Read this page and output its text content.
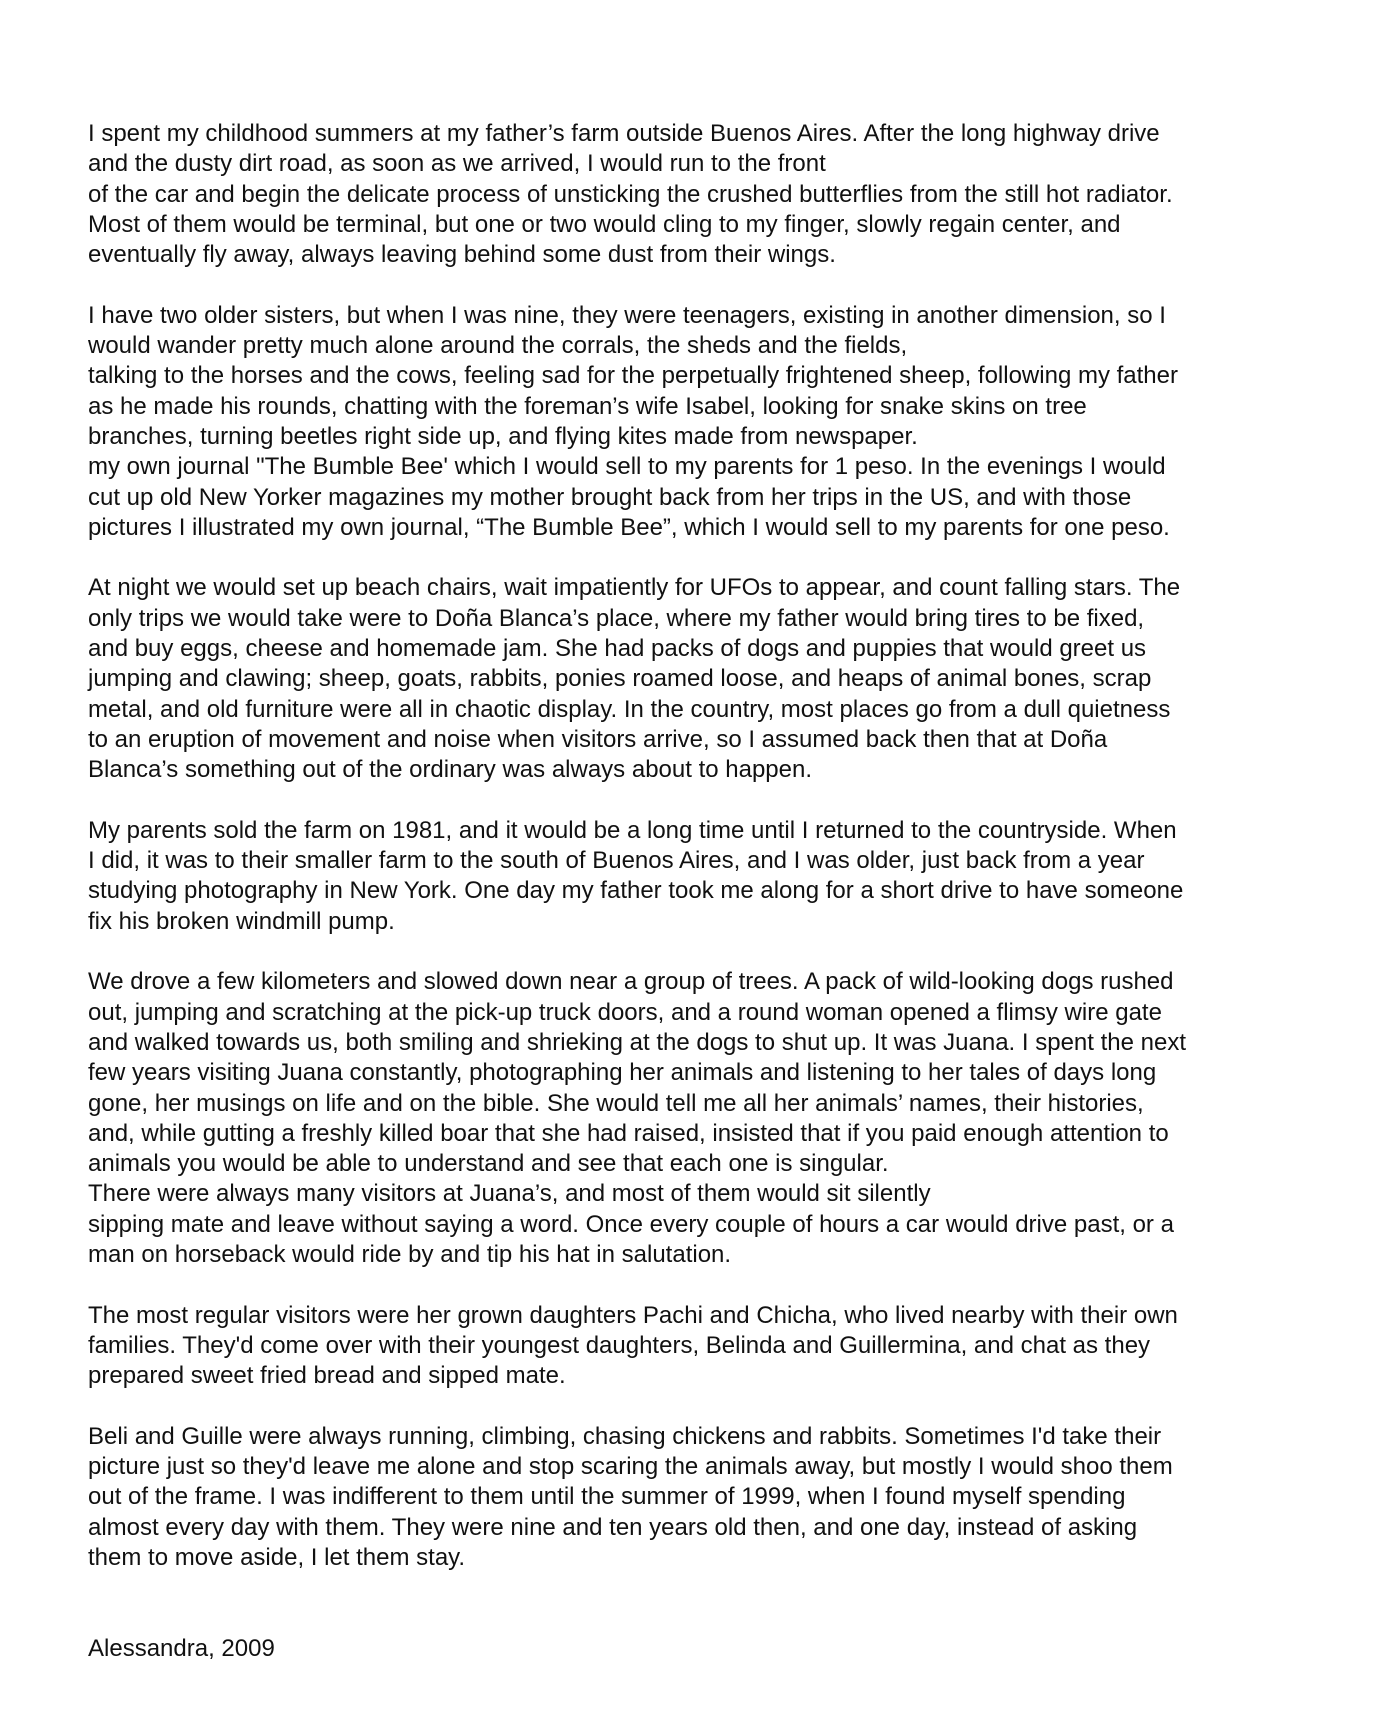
I spent my childhood summers at my father’s farm outside Buenos Aires. After the long highway drive
and the dusty dirt road, as soon as we arrived, I would run to the front
of the car and begin the delicate process of unsticking the crushed butterflies from the still hot radiator.
Most of them would be terminal, but one or two would cling to my finger, slowly regain center, and
eventually fly away, always leaving behind some dust from their wings.

I have two older sisters, but when I was nine, they were teenagers, existing in another dimension, so I
would wander pretty much alone around the corrals, the sheds and the fields,
talking to the horses and the cows, feeling sad for the perpetually frightened sheep, following my father
as he made his rounds, chatting with the foreman’s wife Isabel, looking for snake skins on tree
branches, turning beetles right side up, and flying kites made from newspaper.
my own journal "The Bumble Bee' which I would sell to my parents for 1 peso. In the evenings I would
cut up old New Yorker magazines my mother brought back from her trips in the US, and with those
pictures I illustrated my own journal, “The Bumble Bee”, which I would sell to my parents for one peso.

At night we would set up beach chairs, wait impatiently for UFOs to appear, and count falling stars. The
only trips we would take were to Doña Blanca’s place, where my father would bring tires to be fixed,
and buy eggs, cheese and homemade jam. She had packs of dogs and puppies that would greet us
jumping and clawing; sheep, goats, rabbits, ponies roamed loose, and heaps of animal bones, scrap
metal, and old furniture were all in chaotic display. In the country, most places go from a dull quietness
to an eruption of movement and noise when visitors arrive, so I assumed back then that at Doña
Blanca’s something out of the ordinary was always about to happen.

My parents sold the farm on 1981, and it would be a long time until I returned to the countryside. When
I did, it was to their smaller farm to the south of Buenos Aires, and I was older, just back from a year
studying photography in New York. One day my father took me along for a short drive to have someone
fix his broken windmill pump.

We drove a few kilometers and slowed down near a group of trees. A pack of wild-looking dogs rushed
out, jumping and scratching at the pick-up truck doors, and a round woman opened a flimsy wire gate
and walked towards us, both smiling and shrieking at the dogs to shut up. It was Juana. I spent the next
few years visiting Juana constantly, photographing her animals and listening to her tales of days long
gone, her musings on life and on the bible. She would tell me all her animals’ names, their histories,
and, while gutting a freshly killed boar that she had raised, insisted that if you paid enough attention to
animals you would be able to understand and see that each one is singular.
There were always many visitors at Juana’s, and most of them would sit silently
sipping mate and leave without saying a word. Once every couple of hours a car would drive past, or a
man on horseback would ride by and tip his hat in salutation.

The most regular visitors were her grown daughters Pachi and Chicha, who lived nearby with their own
families. They'd come over with their youngest daughters, Belinda and Guillermina, and chat as they
prepared sweet fried bread and sipped mate.

Beli and Guille were always running, climbing, chasing chickens and rabbits. Sometimes I'd take their
picture just so they'd leave me alone and stop scaring the animals away, but mostly I would shoo them
out of the frame. I was indifferent to them until the summer of 1999, when I found myself spending
almost every day with them. They were nine and ten years old then, and one day, instead of asking
them to move aside, I let them stay.

Alessandra, 2009
